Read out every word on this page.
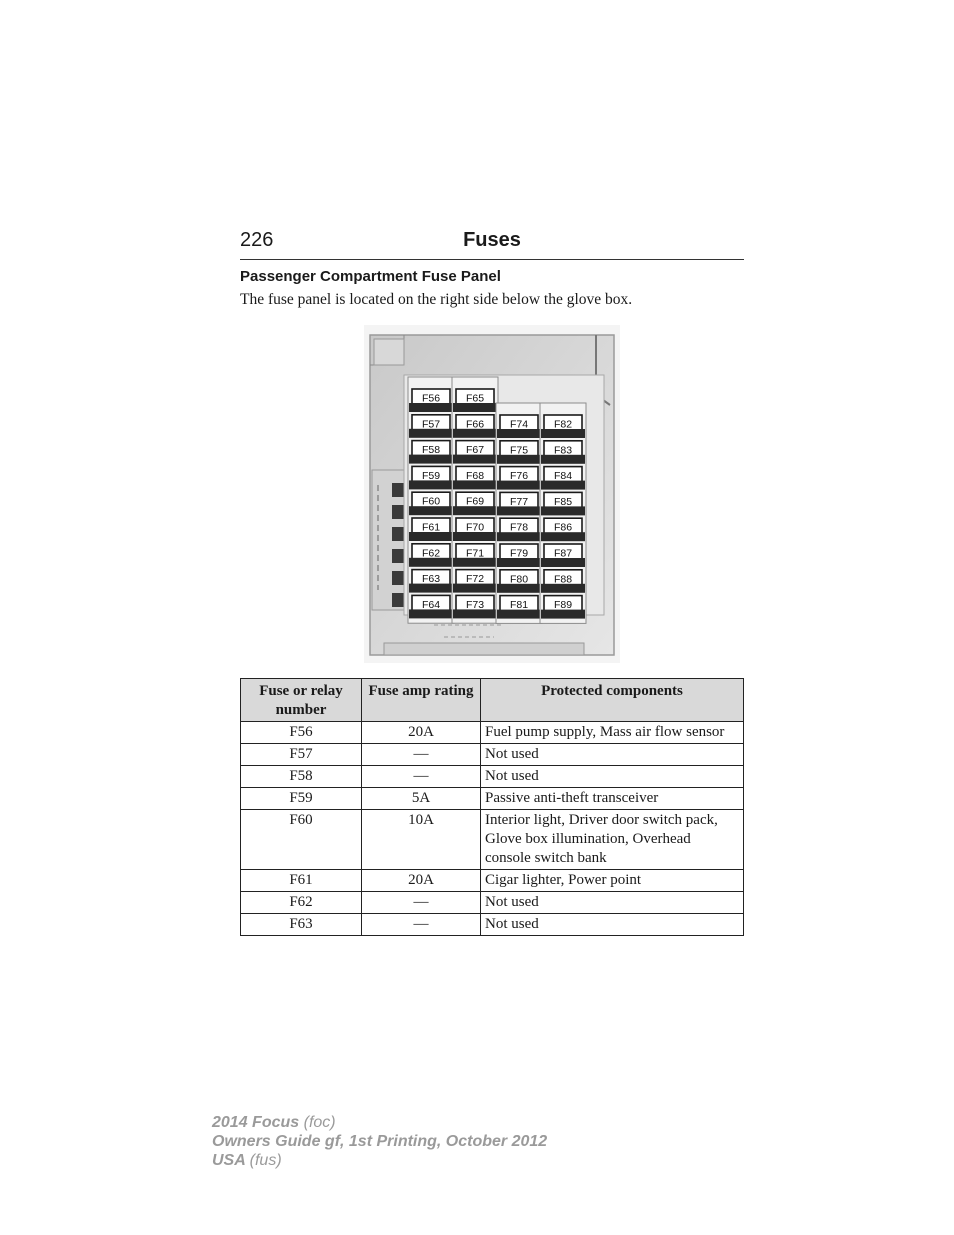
226	Fuses
Passenger Compartment Fuse Panel
The fuse panel is located on the right side below the glove box.
F56
F57
F58
F59
F60
F61
F62
F63
F64
F65
F66
F67
F68
F69
F70
F71
F72
F73
F74
F75
F76
F77
F78
F79
F80
F81
F82
F83
F84
F85
F86
F87
F88
F89
Fuse or relay number	Fuse amp rating	Protected components
F56	20A	Fuel pump supply, Mass air flow sensor
F57	—	Not used
F58	—	Not used
F59	5A	Passive anti-theft transceiver
F60	10A	Interior light, Driver door switch pack, Glove box illumination, Overhead console switch bank
F61	20A	Cigar lighter, Power point
F62	—	Not used
F63	—	Not used
2014 Focus (foc)
Owners Guide gf, 1st Printing, October 2012
USA (fus)
